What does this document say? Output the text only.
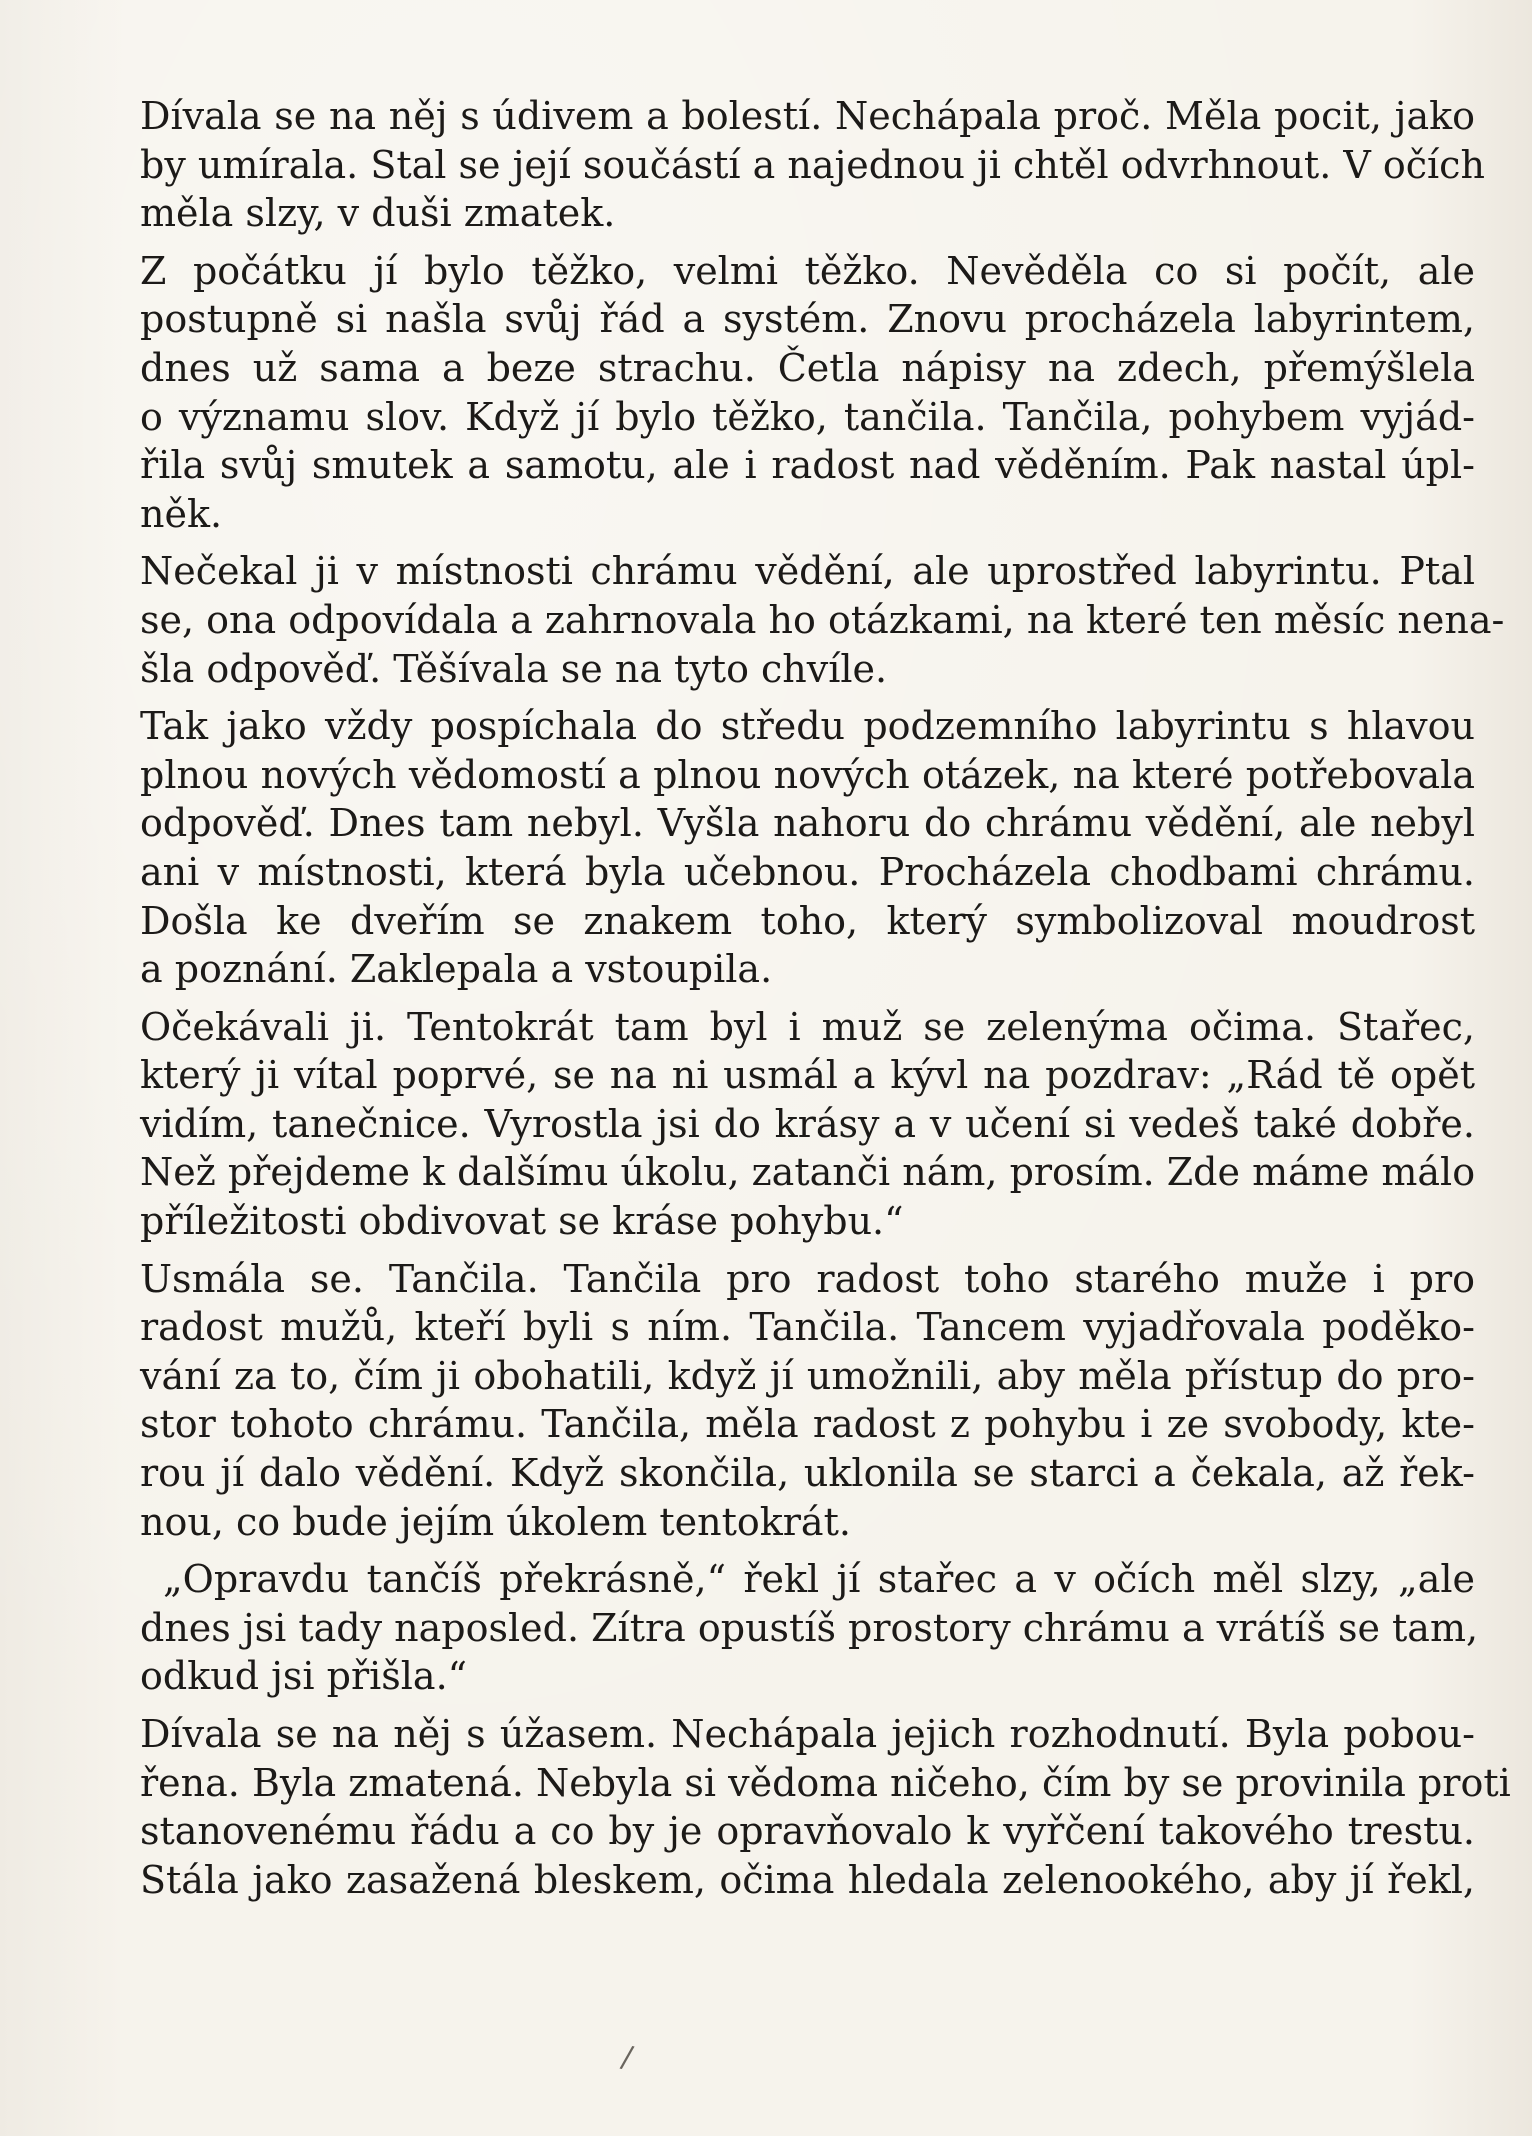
Dívala se na něj s údivem a bolestí. Nechápala proč. Měla pocit, jako
by umírala. Stal se její součástí a najednou ji chtěl odvrhnout. V očích
měla slzy, v duši zmatek.

Z počátku jí bylo těžko, velmi těžko. Nevěděla co si počít, ale
postupně si našla svůj řád a systém. Znovu procházela labyrintem,
dnes už sama a beze strachu. Četla nápisy na zdech, přemýšlela
o významu slov. Když jí bylo těžko, tančila. Tančila, pohybem vyjád-
řila svůj smutek a samotu, ale i radost nad věděním. Pak nastal úpl-
něk.

Nečekal ji v místnosti chrámu vědění, ale uprostřed labyrintu. Ptal
se, ona odpovídala a zahrnovala ho otázkami, na které ten měsíc nena-
šla odpověď. Těšívala se na tyto chvíle.

Tak jako vždy pospíchala do středu podzemního labyrintu s hlavou
plnou nových vědomostí a plnou nových otázek, na které potřebovala
odpověď. Dnes tam nebyl. Vyšla nahoru do chrámu vědění, ale nebyl
ani v místnosti, která byla učebnou. Procházela chodbami chrámu.
Došla ke dveřím se znakem toho, který symbolizoval moudrost
a poznání. Zaklepala a vstoupila.

Očekávali ji. Tentokrát tam byl i muž se zelenýma očima. Stařec,
který ji vítal poprvé, se na ni usmál a kývl na pozdrav: „Rád tě opět
vidím, tanečnice. Vyrostla jsi do krásy a v učení si vedeš také dobře.
Než přejdeme k dalšímu úkolu, zatanči nám, prosím. Zde máme málo
příležitosti obdivovat se kráse pohybu.“

Usmála se. Tančila. Tančila pro radost toho starého muže i pro
radost mužů, kteří byli s ním. Tančila. Tancem vyjadřovala poděko-
vání za to, čím ji obohatili, když jí umožnili, aby měla přístup do pro-
stor tohoto chrámu. Tančila, měla radost z pohybu i ze svobody, kte-
rou jí dalo vědění. Když skončila, uklonila se starci a čekala, až řek-
nou, co bude jejím úkolem tentokrát.

„Opravdu tančíš překrásně,“ řekl jí stařec a v očích měl slzy, „ale
dnes jsi tady naposled. Zítra opustíš prostory chrámu a vrátíš se tam,
odkud jsi přišla.“

Dívala se na něj s úžasem. Nechápala jejich rozhodnutí. Byla pobou-
řena. Byla zmatená. Nebyla si vědoma ničeho, čím by se provinila proti
stanovenému řádu a co by je opravňovalo k vyřčení takového trestu.
Stála jako zasažená bleskem, očima hledala zelenookého, aby jí řekl,

/
